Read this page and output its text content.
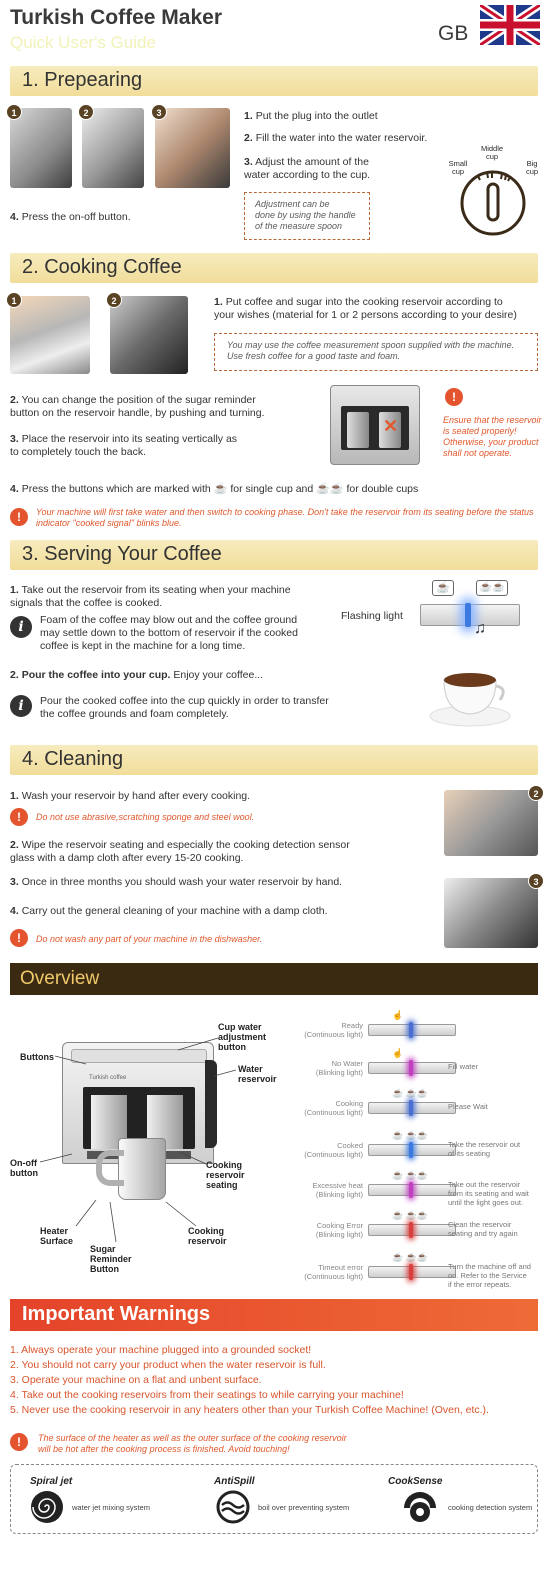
Turkish Coffee Maker
Quick User's Guide	GB
1. Prepearing
1	2	3	1. Put the plug into the outlet
2. Fill the water into the water reservoir.
3. Adjust the amount of the
water according to the cup.
4. Press the on-off button.
Adjustment can be
done by using the handle
of the measure spoon
Small cup
Middle cup
Big cup
2. Cooking Coffee
1	2	1. Put coffee and sugar into the cooking reservoir according to
your wishes (material for 1 or 2 persons according to your desire)
You may use the coffee measurement spoon supplied with the machine.
Use fresh coffee for a good taste and foam.
2. You can change the position of the sugar reminder
button on the reservoir handle, by pushing and turning.
3. Place the reservoir into its seating vertically as
to completely touch the back.
✕
!
Ensure that the reservoir
is seated properly!
Otherwise, your product
shall not operate.
4. Press the buttons which are marked with ☕ for single cup and ☕☕ for double cups
!	Your machine will first take water and then switch to cooking phase. Don't take the reservoir from its seating before the status
indicator "cooked signal" blinks blue.
3. Serving Your Coffee
1. Take out the reservoir from its seating when your machine
signals that the coffee is cooked.
i	Foam of the coffee may blow out and the coffee ground
may settle down to the bottom of reservoir if the cooked
coffee is kept in the machine for a long time.
Flashing light
☕	☕☕
♫
2. Pour the coffee into your cup. Enjoy your coffee...
i	Pour the cooked coffee into the cup quickly in order to transfer
the coffee grounds and foam completely.
4. Cleaning
1. Wash your reservoir by hand after every cooking.
!	Do not use abrasive,scratching sponge and steel wool.
2. Wipe the reservoir seating and especially the cooking detection sensor
glass with a damp cloth after every 15-20 cooking.
3. Once in three months you should wash your water reservoir by hand.
4. Carry out the general cleaning of your machine with a damp cloth.
!	Do not wash any part of your machine in the dishwasher.
2
3
Overview
Turkish coffee
Cup water
adjustment
button
Buttons
Water
reservoir
On-off
button
Cooking
reservoir
seating
Heater
Surface
Sugar
Reminder
Button
Cooking
reservoir
Ready
(Continuous light)
☝
No Water
(Blinking light)
☝
Fill water
Cooking
(Continuous light)
☕ ☕☕
Please Wait
Cooked
(Continuous light)
☕ ☕☕
Take the reservoir out
of its seating
Excessive heat
(Blinking light)
☕ ☕☕
Take out the reservoir
from its seating and wait
until the light goes out.
Cooking Error
(Blinking light)
☕ ☕☕
Clean the reservoir
seating and try again
Timeout error
(Continuous light)
☕ ☕☕
Turn the machine off and
on. Refer to the Service
if the error repeats.
Important Warnings
1. Always operate your machine plugged into a grounded socket!
2. You should not carry your product when the water reservoir is full.
3. Operate your machine on a flat and unbent surface.
4. Take out the cooking reservoirs from their seatings to while carrying your machine!
5. Never use the cooking reservoir in any heaters other than your Turkish Coffee Machine! (Oven, etc.).
!	The surface of the heater as well as the outer surface of the cooking reservoir
will be hot after the cooking process is finished. Avoid touching!
Spiral jet
water jet mixing system
AntiSpill
boil over preventing system
CookSense
cooking detection system
